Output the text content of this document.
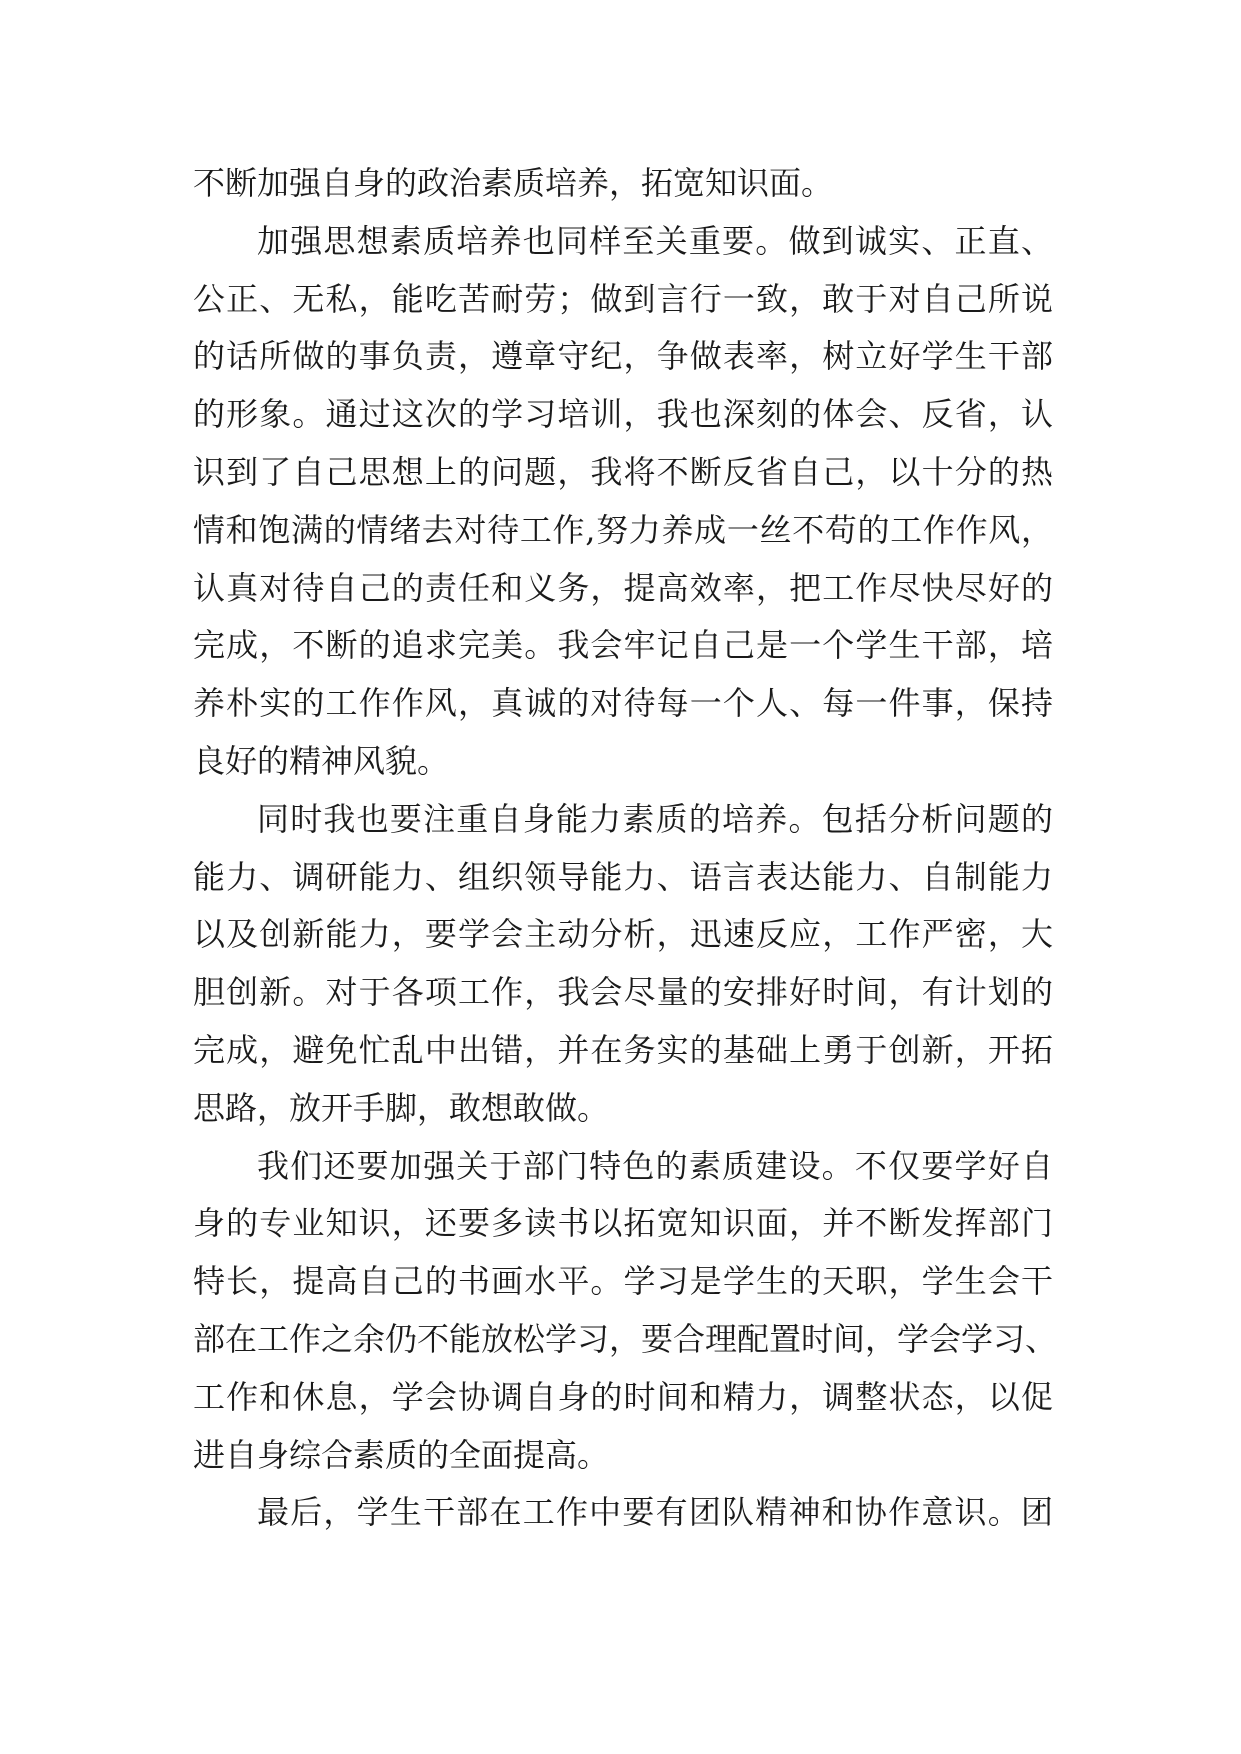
不断加强自身的政治素质培养，拓宽知识面。
加强思想素质培养也同样至关重要。做到诚实、正直、
公正、无私，能吃苦耐劳；做到言行一致，敢于对自己所说
的话所做的事负责，遵章守纪，争做表率，树立好学生干部
的形象。通过这次的学习培训，我也深刻的体会、反省，认
识到了自己思想上的问题，我将不断反省自己，以十分的热
情和饱满的情绪去对待工作,努力养成一丝不苟的工作作风，
认真对待自己的责任和义务，提高效率，把工作尽快尽好的
完成，不断的追求完美。我会牢记自己是一个学生干部，培
养朴实的工作作风，真诚的对待每一个人、每一件事，保持
良好的精神风貌。
同时我也要注重自身能力素质的培养。包括分析问题的
能力、调研能力、组织领导能力、语言表达能力、自制能力
以及创新能力，要学会主动分析，迅速反应，工作严密，大
胆创新。对于各项工作，我会尽量的安排好时间，有计划的
完成，避免忙乱中出错，并在务实的基础上勇于创新，开拓
思路，放开手脚，敢想敢做。
我们还要加强关于部门特色的素质建设。不仅要学好自
身的专业知识，还要多读书以拓宽知识面，并不断发挥部门
特长，提高自己的书画水平。学习是学生的天职，学生会干
部在工作之余仍不能放松学习，要合理配置时间，学会学习、
工作和休息，学会协调自身的时间和精力，调整状态，以促
进自身综合素质的全面提高。
最后，学生干部在工作中要有团队精神和协作意识。团
